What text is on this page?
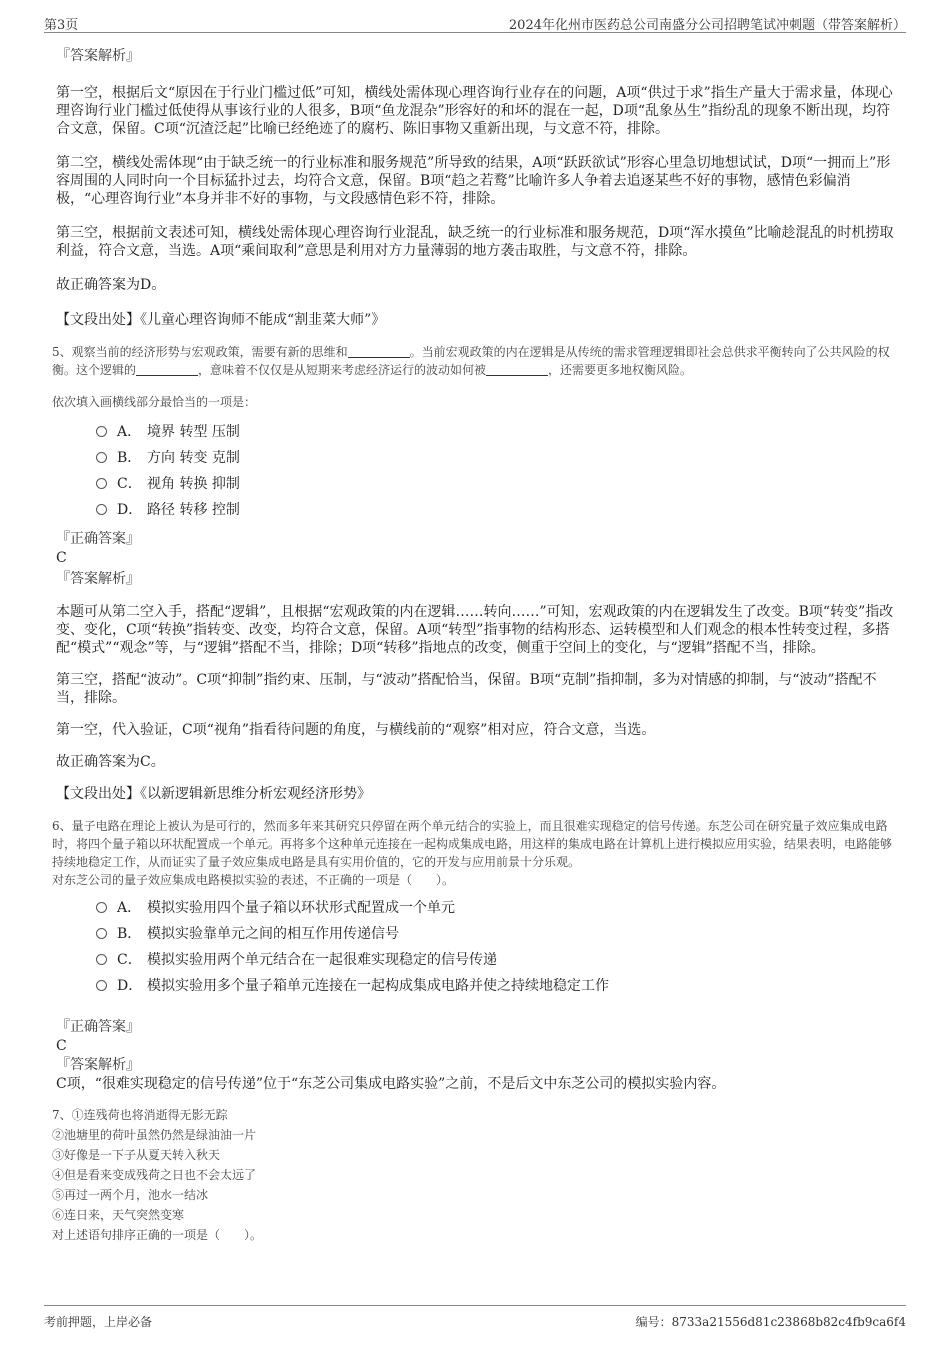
第3页	2024年化州市医药总公司南盛分公司招聘笔试冲刺题（带答案解析）

『答案解析』

第一空，根据后文“原因在于行业门槛过低”可知，横线处需体现心理咨询行业存在的问题，A项“供过于求”指生产量大于需求量，体现心理咨询行业门槛过低使得从事该行业的人很多，B项“鱼龙混杂”形容好的和坏的混在一起，D项“乱象丛生”指纷乱的现象不断出现，均符合文意，保留。C项“沉渣泛起”比喻已经绝迹了的腐朽、陈旧事物又重新出现，与文意不符，排除。

第二空，横线处需体现“由于缺乏统一的行业标准和服务规范”所导致的结果，A项“跃跃欲试”形容心里急切地想试试，D项“一拥而上”形容周围的人同时向一个目标猛扑过去，均符合文意，保留。B项“趋之若鹜”比喻许多人争着去追逐某些不好的事物，感情色彩偏消极，“心理咨询行业”本身并非不好的事物，与文段感情色彩不符，排除。

第三空，根据前文表述可知，横线处需体现心理咨询行业混乱，缺乏统一的行业标准和服务规范，D项“浑水摸鱼”比喻趁混乱的时机捞取利益，符合文意，当选。A项“乘间取利”意思是利用对方力量薄弱的地方袭击取胜，与文意不符，排除。

故正确答案为D。

【文段出处】《儿童心理咨询师不能成“割韭菜大师”》

5、观察当前的经济形势与宏观政策，需要有新的思维和	。当前宏观政策的内在逻辑是从传统的需求管理逻辑即社会总供求平衡转向了公共风险的权衡。这个逻辑的	，意味着不仅仅是从短期来考虑经济运行的波动如何被	，还需要更多地权衡风险。

依次填入画横线部分最恰当的一项是：

A． 境界 转型 压制
B． 方向 转变 克制
C． 视角 转换 抑制
D． 路径 转移 控制

『正确答案』

C

『答案解析』

本题可从第二空入手，搭配“逻辑”，且根据“宏观政策的内在逻辑……转向……”可知，宏观政策的内在逻辑发生了改变。B项“转变”指改变、变化，C项“转换”指转变、改变，均符合文意，保留。A项“转型”指事物的结构形态、运转模型和人们观念的根本性转变过程，多搭配“模式”“观念”等，与“逻辑”搭配不当，排除；D项“转移”指地点的改变，侧重于空间上的变化，与“逻辑”搭配不当，排除。

第三空，搭配“波动”。C项“抑制”指约束、压制，与“波动”搭配恰当，保留。B项“克制”指抑制，多为对情感的抑制，与“波动”搭配不当，排除。

第一空，代入验证，C项“视角”指看待问题的角度，与横线前的“观察”相对应，符合文意，当选。

故正确答案为C。

【文段出处】《以新逻辑新思维分析宏观经济形势》

6、量子电路在理论上被认为是可行的，然而多年来其研究只停留在两个单元结合的实验上，而且很难实现稳定的信号传递。东芝公司在研究量子效应集成电路时，将四个量子箱以环状配置成一个单元。再将多个这种单元连接在一起构成集成电路，用这样的集成电路在计算机上进行模拟应用实验，结果表明，电路能够持续地稳定工作，从而证实了量子效应集成电路是具有实用价值的，它的开发与应用前景十分乐观。

对东芝公司的量子效应集成电路模拟实验的表述，不正确的一项是（　　）。

A． 模拟实验用四个量子箱以环状形式配置成一个单元
B． 模拟实验靠单元之间的相互作用传递信号
C． 模拟实验用两个单元结合在一起很难实现稳定的信号传递
D． 模拟实验用多个量子箱单元连接在一起构成集成电路并使之持续地稳定工作

『正确答案』

C

『答案解析』

C项，“很难实现稳定的信号传递”位于“东芝公司集成电路实验”之前，不是后文中东芝公司的模拟实验内容。

7、①连残荷也将消逝得无影无踪

②池塘里的荷叶虽然仍然是绿油油一片

③好像是一下子从夏天转入秋天

④但是看来变成残荷之日也不会太远了

⑤再过一两个月，池水一结冰

⑥连日来，天气突然变寒

对上述语句排序正确的一项是（　　）。

考前押题，上岸必备	编号：8733a21556d81c23868b82c4fb9ca6f4
